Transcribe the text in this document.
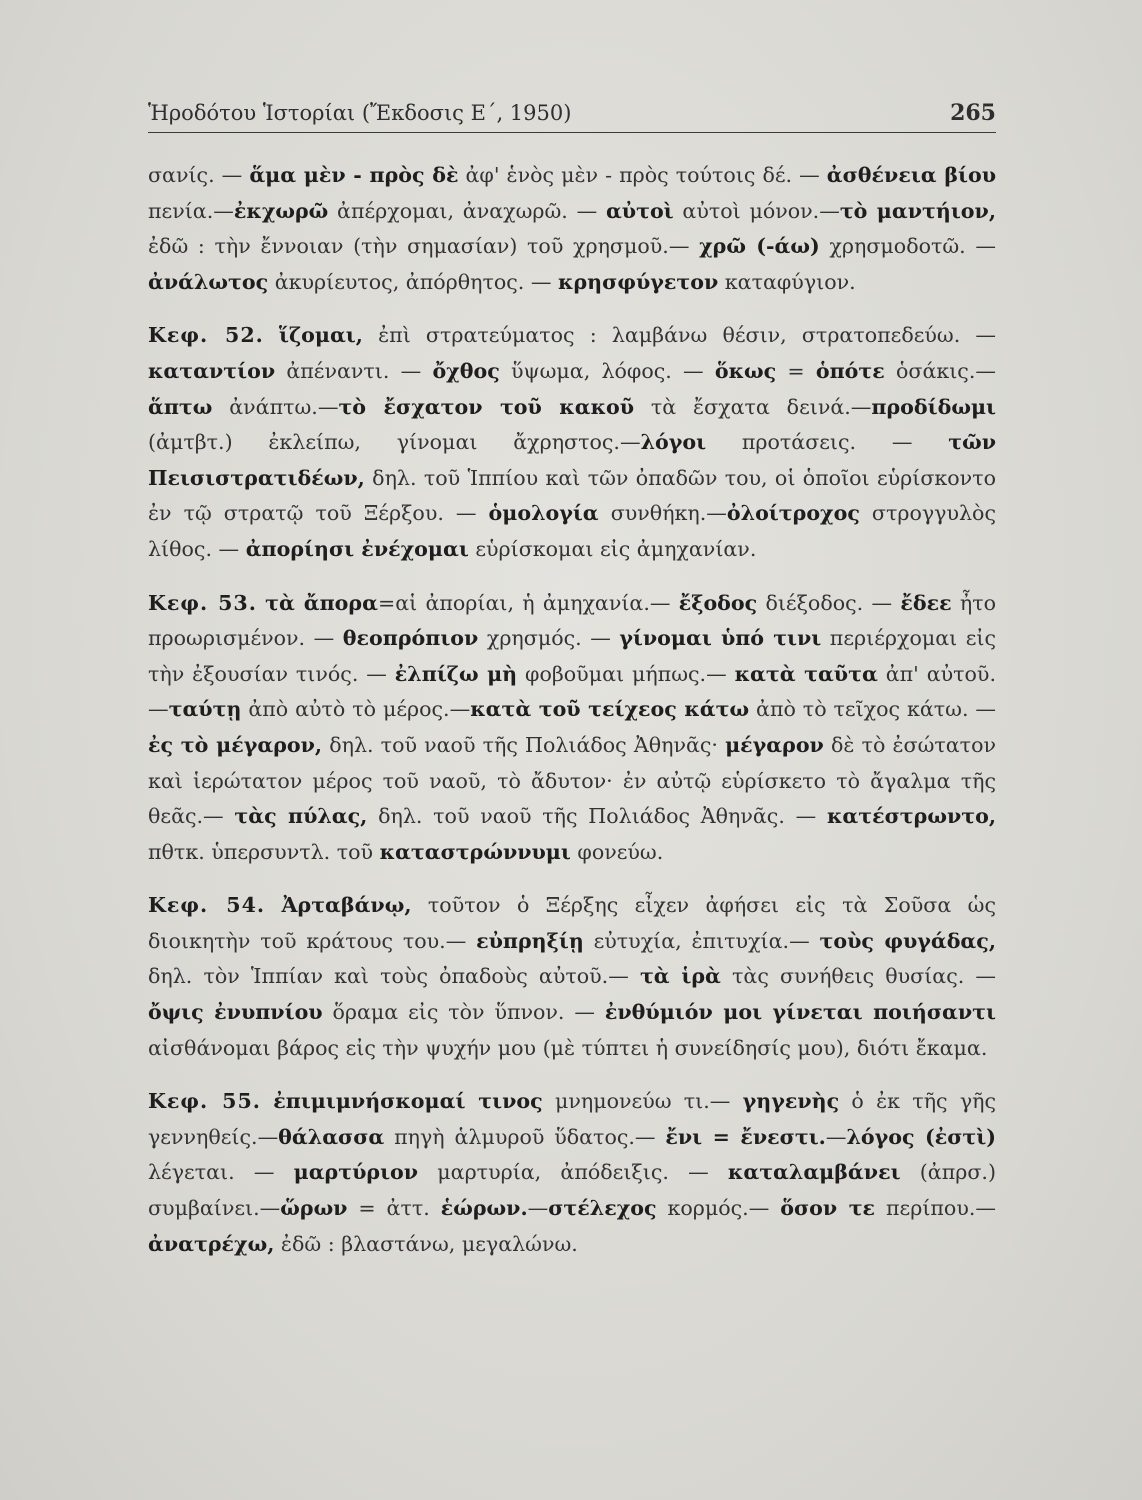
Ἡροδότου Ἱστορίαι (Ἔκδοσις Ε΄, 1950)	265

σανίς. — ἅμα μὲν - πρὸς δὲ ἀφ' ἑνὸς μὲν - πρὸς τούτοις δέ. — ἀσθένεια βίου πενία.—ἐκχωρῶ ἀπέρχομαι, ἀναχωρῶ. — αὐτοὶ αὐτοὶ μόνον.—τὸ μαντήιον, ἐδῶ : τὴν ἔννοιαν (τὴν σημασίαν) τοῦ χρησμοῦ.— χρῶ (-άω) χρησμοδοτῶ. — ἀνάλωτος ἀκυρίευτος, ἀπόρθητος. — κρησφύγετον καταφύγιον.

Κεφ. 52. ἵζομαι, ἐπὶ στρατεύματος : λαμβάνω θέσιν, στρατοπεδεύω. — καταντίον ἀπέναντι. — ὄχθος ὕψωμα, λόφος. — ὅκως = ὁπότε ὁσάκις.—ἅπτω ἀνάπτω.—τὸ ἔσχατον τοῦ κακοῦ τὰ ἔσχατα δεινά.—προδίδωμι (ἀμτβτ.) ἐκλείπω, γίνομαι ἄχρηστος.—λόγοι προτάσεις. — τῶν Πεισιστρατιδέων, δηλ. τοῦ Ἱππίου καὶ τῶν ὀπαδῶν του, οἱ ὁποῖοι εὑρίσκοντο ἐν τῷ στρατῷ τοῦ Ξέρξου. — ὁμολογία συνθήκη.—ὀλοίτροχος στρογγυλὸς λίθος. — ἀπορίησι ἐνέχομαι εὑρίσκομαι εἰς ἀμηχανίαν.

Κεφ. 53. τὰ ἄπορα=αἱ ἀπορίαι, ἡ ἀμηχανία.— ἔξοδος διέξοδος. — ἔδεε ἦτο προωρισμένον. — θεοπρόπιον χρησμός. — γίνομαι ὑπό τινι περιέρχομαι εἰς τὴν ἐξουσίαν τινός. — ἐλπίζω μὴ φοβοῦμαι μήπως.— κατὰ ταῦτα ἀπ' αὐτοῦ.—ταύτῃ ἀπὸ αὐτὸ τὸ μέρος.—κατὰ τοῦ τείχεος κάτω ἀπὸ τὸ τεῖχος κάτω. — ἐς τὸ μέγαρον, δηλ. τοῦ ναοῦ τῆς Πολιάδος Ἀθηνᾶς· μέγαρον δὲ τὸ ἐσώτατον καὶ ἱερώτατον μέρος τοῦ ναοῦ, τὸ ἄδυτον· ἐν αὐτῷ εὑρίσκετο τὸ ἄγαλμα τῆς θεᾶς.— τὰς πύλας, δηλ. τοῦ ναοῦ τῆς Πολιάδος Ἀθηνᾶς. — κατέστρωντο, πθτκ. ὑπερσυντλ. τοῦ καταστρώννυμι φονεύω.

Κεφ. 54. Ἀρταβάνῳ, τοῦτον ὁ Ξέρξης εἶχεν ἀφήσει εἰς τὰ Σοῦσα ὡς διοικητὴν τοῦ κράτους του.— εὐπρηξίῃ εὐτυχία, ἐπιτυχία.— τοὺς φυγάδας, δηλ. τὸν Ἱππίαν καὶ τοὺς ὀπαδοὺς αὐτοῦ.— τὰ ἱρὰ τὰς συνήθεις θυσίας. — ὄψις ἐνυπνίου ὅραμα εἰς τὸν ὕπνον. — ἐνθύμιόν μοι γίνεται ποιήσαντι αἰσθάνομαι βάρος εἰς τὴν ψυχήν μου (μὲ τύπτει ἡ συνείδησίς μου), διότι ἔκαμα.

Κεφ. 55. ἐπιμιμνήσκομαί τινος μνημονεύω τι.— γηγενὴς ὁ ἐκ τῆς γῆς γεννηθείς.—θάλασσα πηγὴ ἁλμυροῦ ὕδατος.— ἔνι = ἔνεστι.—λόγος (ἐστὶ) λέγεται. — μαρτύριον μαρτυρία, ἀπόδειξις. — καταλαμβάνει (ἀπρσ.) συμβαίνει.—ὥρων = ἀττ. ἑώρων.—στέλεχος κορμός.— ὅσον τε περίπου.— ἀνατρέχω, ἐδῶ : βλαστάνω, μεγαλώνω.
